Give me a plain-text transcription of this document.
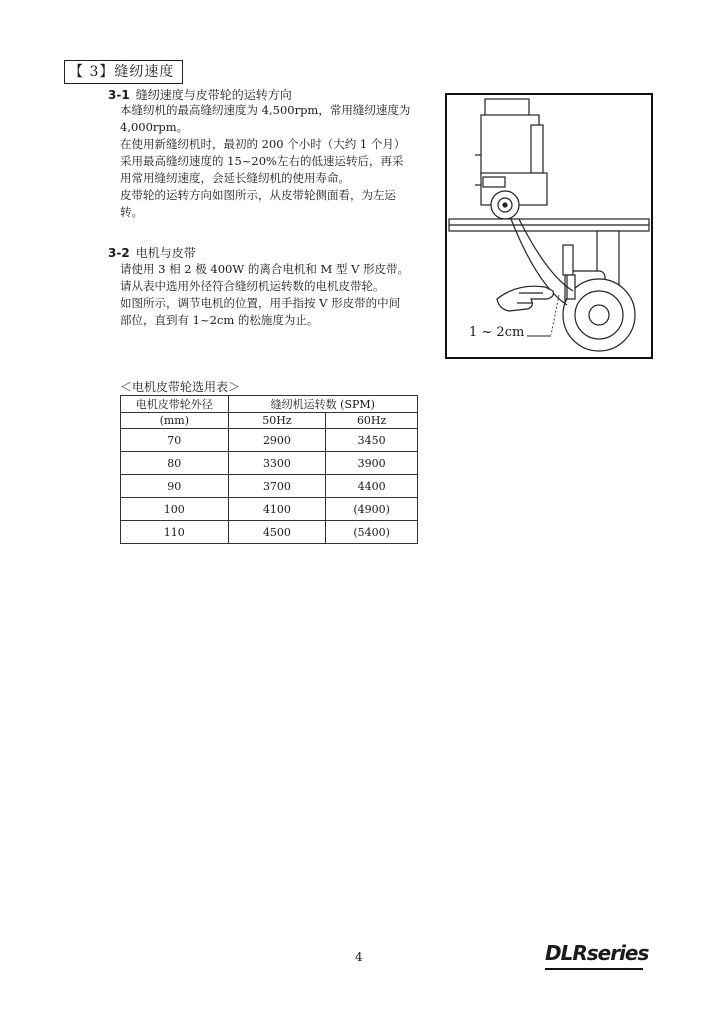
【 3】缝纫速度
3-1 缝纫速度与皮带轮的运转方向

本缝纫机的最高缝纫速度为 4,500rpm，常用缝纫速度为

4,000rpm。

在使用新缝纫机时，最初的 200 个小时（大约 1 个月）

采用最高缝纫速度的 15~20%左右的低速运转后，再采

用常用缝纫速度，会延长缝纫机的使用寿命。

皮带轮的运转方向如图所示，从皮带轮侧面看，为左运

转。

3-2 电机与皮带

请使用 3 相 2 极 400W 的离合电机和 M 型 V 形皮带。

请从表中选用外径符合缝纫机运转数的电机皮带轮。

如图所示，调节电机的位置，用手指按 V 形皮带的中间

部位，直到有 1~2cm 的松施度为止。

1 ~ 2cm
＜电机皮带轮选用表＞
电机皮带轮外径	缝纫机运转数 (SPM)	
(mm)	50Hz	60Hz
70	2900	3450
80	3300	3900
90	3700	4400
100	4100	(4900)
110	4500	(5400)
4	DLRseries
